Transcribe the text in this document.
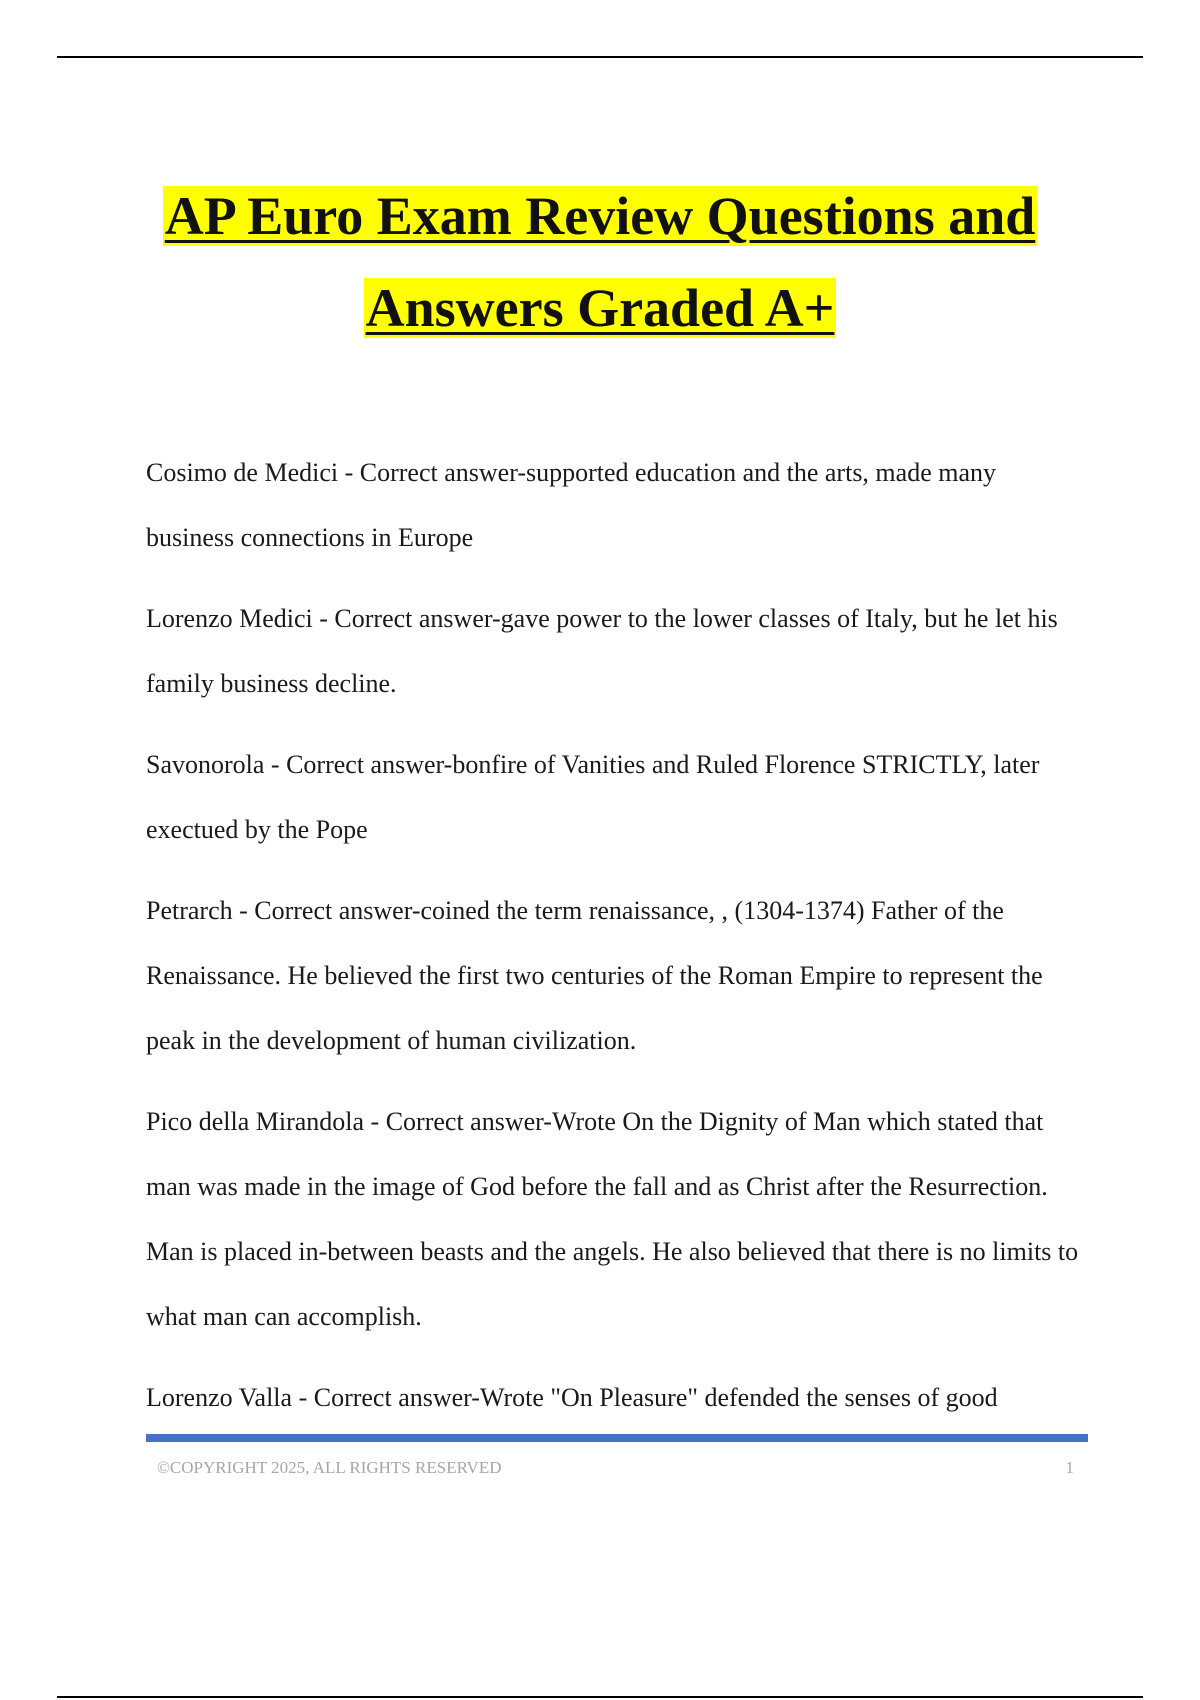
AP Euro Exam Review Questions and
Answers Graded A+

Cosimo de Medici - Correct answer-supported education and the arts, made many business connections in Europe

Lorenzo Medici - Correct answer-gave power to the lower classes of Italy, but he let his family business decline.

Savonorola - Correct answer-bonfire of Vanities and Ruled Florence STRICTLY, later exectued by the Pope

Petrarch - Correct answer-coined the term renaissance, , (1304-1374) Father of the Renaissance. He believed the first two centuries of the Roman Empire to represent the peak in the development of human civilization.

Pico della Mirandola - Correct answer-Wrote On the Dignity of Man which stated that man was made in the image of God before the fall and as Christ after the Resurrection. Man is placed in-between beasts and the angels. He also believed that there is no limits to what man can accomplish.

Lorenzo Valla - Correct answer-Wrote "On Pleasure" defended the senses of good

©COPYRIGHT 2025, ALL RIGHTS RESERVED	1
